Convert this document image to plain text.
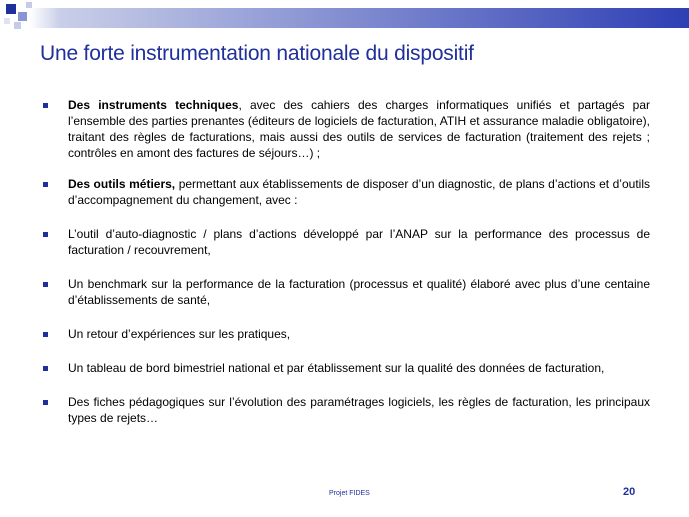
Une forte instrumentation nationale du dispositif
Des instruments techniques, avec des cahiers des charges informatiques unifiés et partagés par l’ensemble des parties prenantes (éditeurs de logiciels de facturation, ATIH et assurance maladie obligatoire), traitant des règles de facturations, mais aussi des outils de services de facturation (traitement des rejets ; contrôles en amont des factures de séjours…) ;
Des outils métiers, permettant aux établissements de disposer d’un diagnostic, de plans d’actions et d’outils d’accompagnement du changement, avec :
L’outil d’auto-diagnostic / plans d’actions développé par l’ANAP sur la performance des processus de facturation / recouvrement,
Un benchmark sur la performance de la facturation (processus et qualité) élaboré avec plus d’une centaine d’établissements de santé,
Un retour d’expériences sur les pratiques,
Un tableau de bord bimestriel national et par établissement sur la qualité des données de facturation,
Des fiches pédagogiques sur l’évolution des paramétrages logiciels, les règles de facturation, les principaux types de rejets…
Projet FIDES	20
